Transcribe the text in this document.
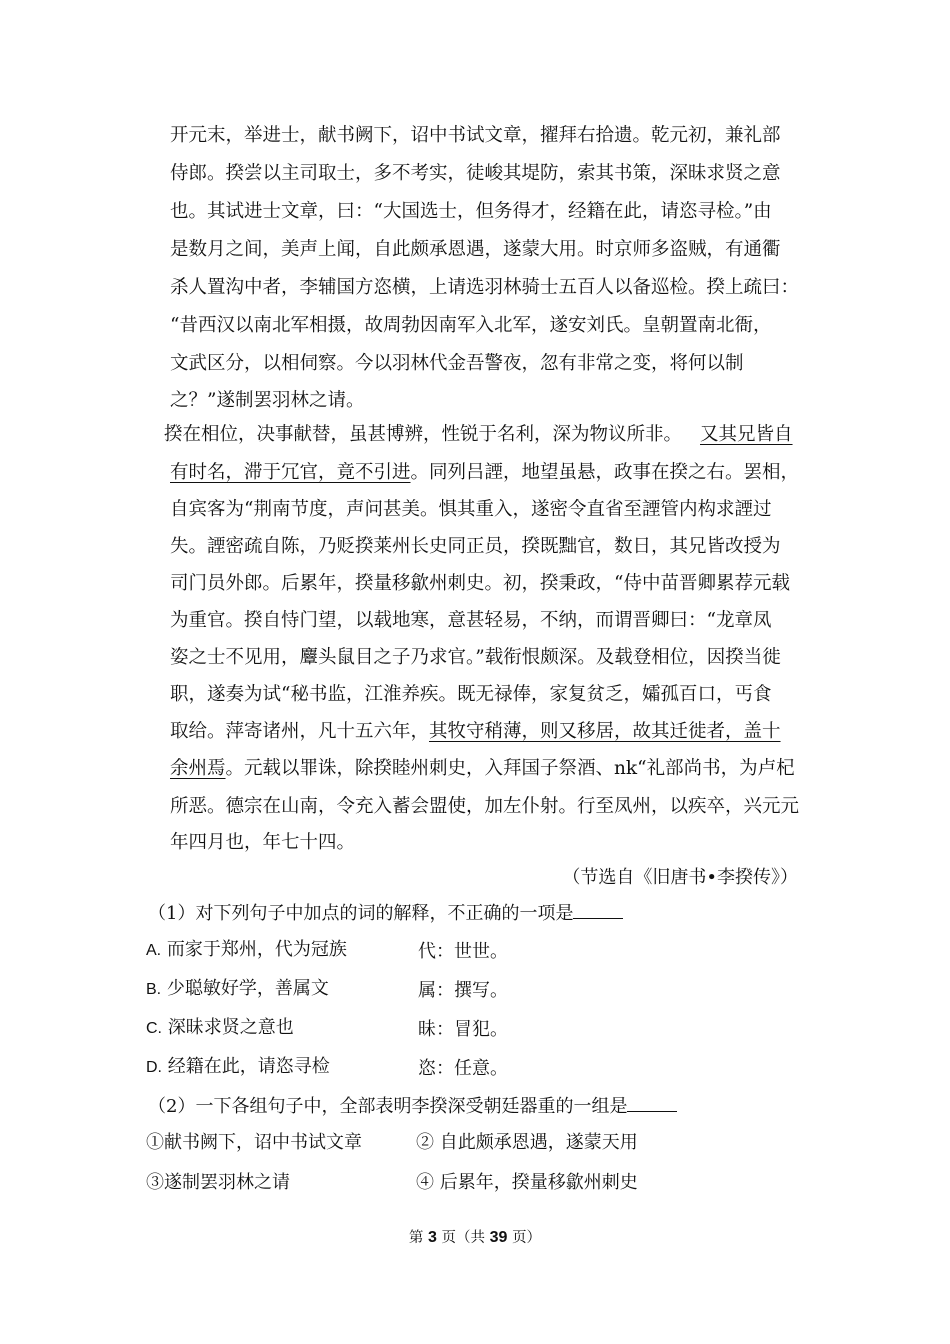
开元末，举进士，献书阙下，诏中书试文章，擢拜右拾遗。乾元初，兼礼部
侍郎。揆尝以主司取士，多不考实，徒峻其堤防，索其书策，深昧求贤之意
也。其试进士文章，曰：“大国选士，但务得才，经籍在此，请恣寻检。”由
是数月之间，美声上闻，自此颇承恩遇，遂蒙大用。时京师多盗贼，有通衢
杀人置沟中者，李辅国方恣横，上请选羽林骑士五百人以备巡检。揆上疏曰：
“昔西汉以南北军相摄，故周勃因南军入北军，遂安刘氏。皇朝置南北衙，
文武区分，以相伺察。今以羽林代金吾警夜，忽有非常之变，将何以制
之？”遂制罢羽林之请。
揆在相位，决事献替，虽甚博辨，性锐于名利，深为物议所非。 又其兄皆自
有时名，滞于冗官，竟不引进。同列吕諲，地望虽悬，政事在揆之右。罢相，
自宾客为“荆南节度，声问甚美。惧其重入，遂密令直省至諲管内构求諲过
失。諲密疏自陈，乃贬揆莱州长史同正员，揆既黜官，数日，其兄皆改授为
司门员外郎。后累年，揆量移歙州刺史。初，揆秉政，“侍中苗晋卿累荐元载
为重官。揆自恃门望，以载地寒，意甚轻易，不纳，而谓晋卿曰：“龙章凤
姿之士不见用，麞头鼠目之子乃求官。”载衔恨颇深。及载登相位，因揆当徙
职，遂奏为试“秘书监，江淮养疾。既无禄俸，家复贫乏，孀孤百口，丐食
取给。萍寄诸州，凡十五六年，其牧守稍薄，则又移居，故其迁徙者，盖十
余州焉。元载以罪诛，除揆睦州刺史，入拜国子祭酒、nk“礼部尚书，为卢杞
所恶。德宗在山南，令充入蓄会盟使，加左仆射。行至凤州，以疾卒，兴元元
年四月也，年七十四。
（节选自《旧唐书•李揆传》）
（1）对下列句子中加点的词的解释，不正确的一项是
A. 而家于郑州，代为冠族	代：世世。
B. 少聪敏好学，善属文	属：撰写。
C. 深昧求贤之意也	昧：冒犯。
D. 经籍在此，请恣寻检	恣：任意。
（2）一下各组句子中，全部表明李揆深受朝廷器重的一组是
①献书阙下，诏中书试文章	② 自此颇承恩遇，遂蒙天用
③遂制罢羽林之请	④ 后累年，揆量移歙州刺史
第 3 页（共 39 页）
